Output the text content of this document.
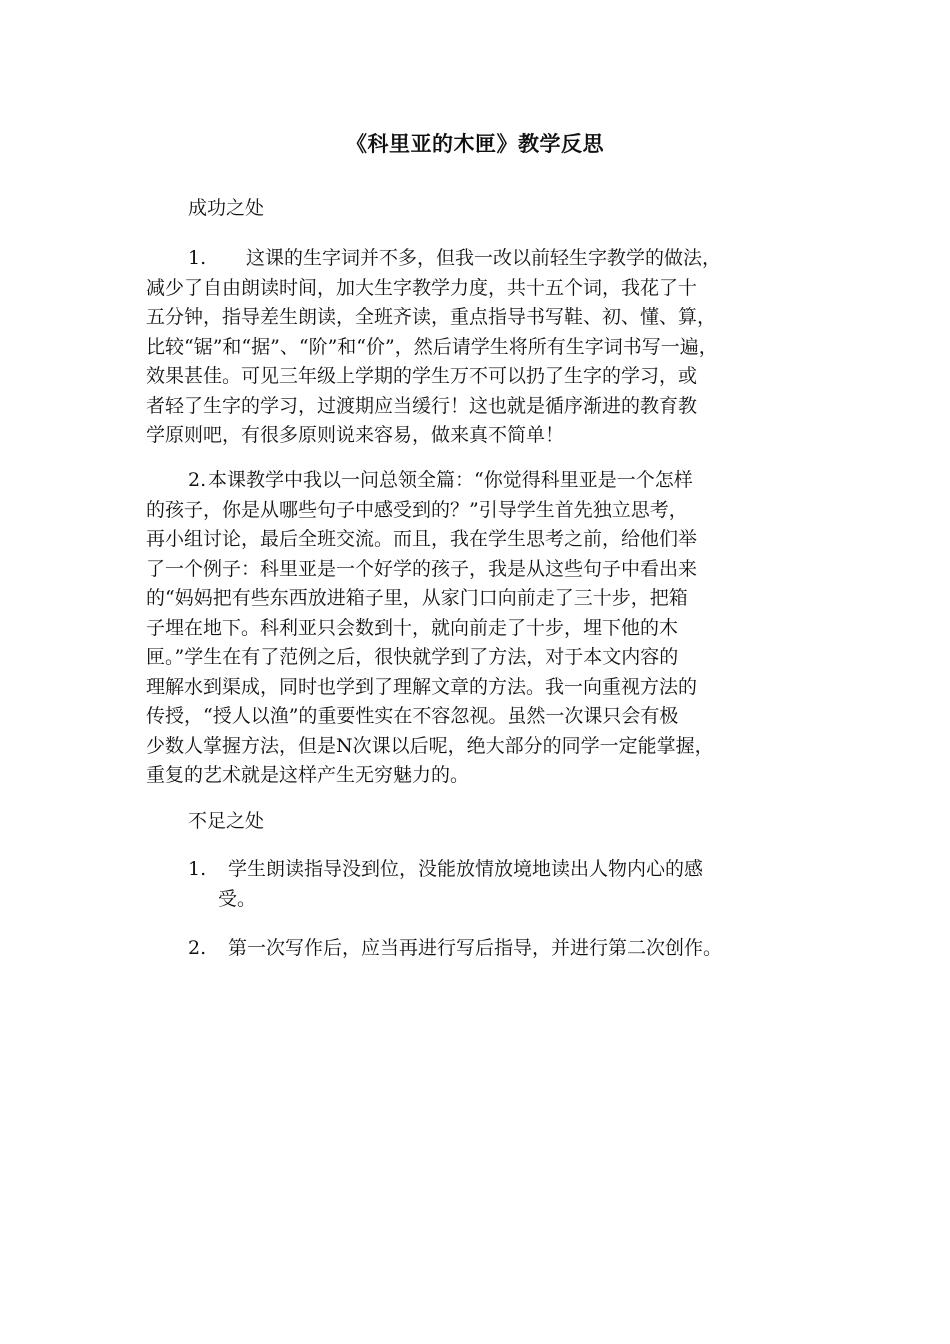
《科里亚的木匣》教学反思
成功之处
1. 这课的生字词并不多，但我一改以前轻生字教学的做法，
减少了自由朗读时间，加大生字教学力度，共十五个词，我花了十
五分钟，指导差生朗读，全班齐读，重点指导书写鞋、初、懂、算，
比较“锯”和“据”、“阶”和“价”，然后请学生将所有生字词书写一遍，
效果甚佳。可见三年级上学期的学生万不可以扔了生字的学习，或
者轻了生字的学习，过渡期应当缓行！这也就是循序渐进的教育教
学原则吧，有很多原则说来容易，做来真不简单！
2.本课教学中我以一问总领全篇：“你觉得科里亚是一个怎样
的孩子，你是从哪些句子中感受到的？”引导学生首先独立思考，
再小组讨论，最后全班交流。而且，我在学生思考之前，给他们举
了一个例子：科里亚是一个好学的孩子，我是从这些句子中看出来
的“妈妈把有些东西放进箱子里，从家门口向前走了三十步，把箱
子埋在地下。科利亚只会数到十，就向前走了十步，埋下他的木
匣。”学生在有了范例之后，很快就学到了方法，对于本文内容的
理解水到渠成，同时也学到了理解文章的方法。我一向重视方法的
传授，“授人以渔”的重要性实在不容忽视。虽然一次课只会有极
少数人掌握方法，但是N次课以后呢，绝大部分的同学一定能掌握，
重复的艺术就是这样产生无穷魅力的。
不足之处
1. 学生朗读指导没到位，没能放情放境地读出人物内心的感
受。
2. 第一次写作后，应当再进行写后指导，并进行第二次创作。
